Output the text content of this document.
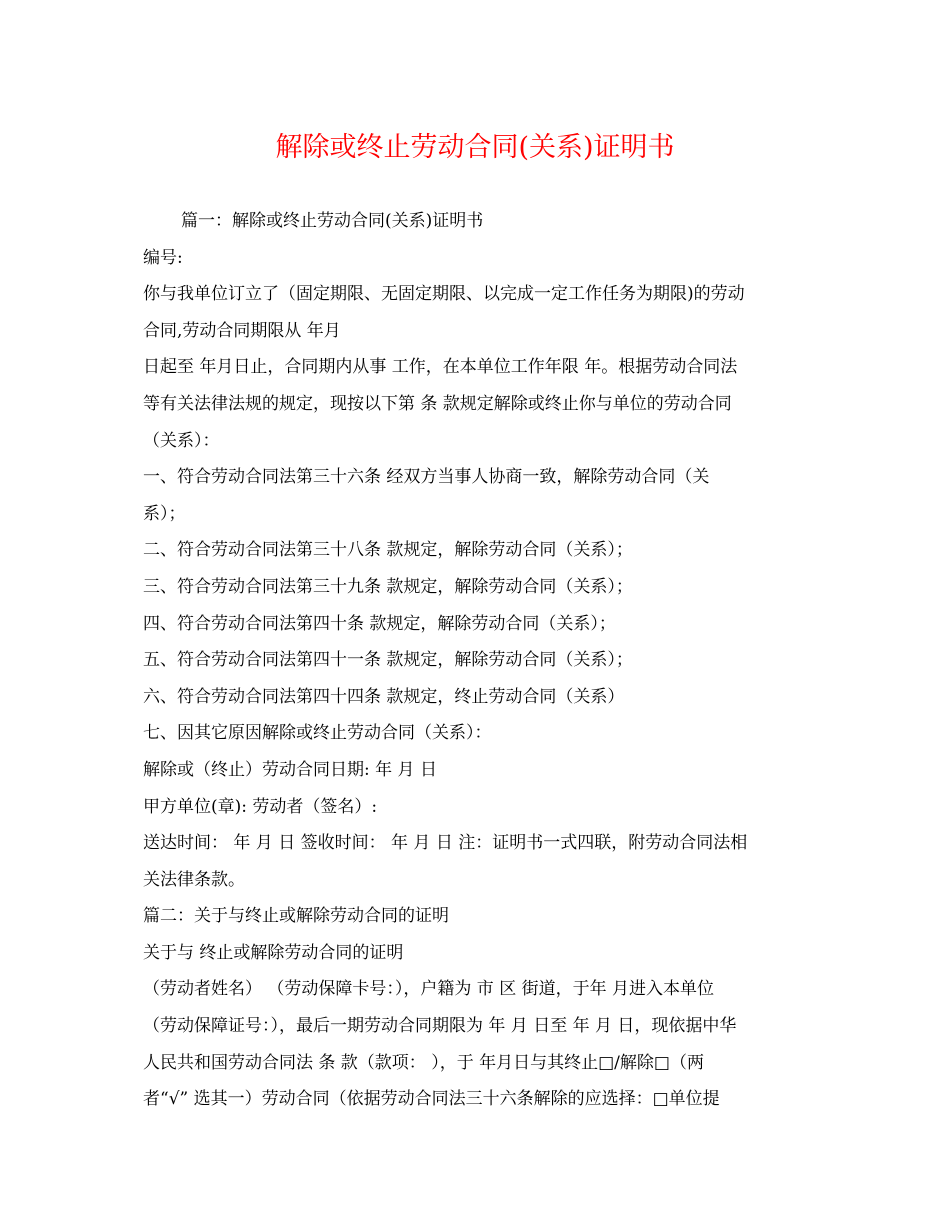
解除或终止劳动合同(关系)证明书
篇一：解除或终止劳动合同(关系)证明书
编号:
你与我单位订立了（固定期限、无固定期限、以完成一定工作任务为期限)的劳动
合同,劳动合同期限从 年月
日起至 年月日止，合同期内从事 工作，在本单位工作年限 年。根据劳动合同法
等有关法律法规的规定，现按以下第 条 款规定解除或终止你与单位的劳动合同
（关系）：
一、符合劳动合同法第三十六条 经双方当事人协商一致，解除劳动合同（关
系）；
二、符合劳动合同法第三十八条 款规定，解除劳动合同（关系）；
三、符合劳动合同法第三十九条 款规定，解除劳动合同（关系）；
四、符合劳动合同法第四十条 款规定，解除劳动合同（关系）；
五、符合劳动合同法第四十一条 款规定，解除劳动合同（关系）；
六、符合劳动合同法第四十四条 款规定，终止劳动合同（关系）
七、因其它原因解除或终止劳动合同（关系）：
解除或（终止）劳动合同日期: 年 月 日
甲方单位(章): 劳动者（签名）:
送达时间： 年 月 日 签收时间： 年 月 日 注：证明书一式四联，附劳动合同法相
关法律条款。
篇二：关于与终止或解除劳动合同的证明
关于与 终止或解除劳动合同的证明
（劳动者姓名） （劳动保障卡号：），户籍为 市 区 街道，于年 月进入本单位
（劳动保障证号：），最后一期劳动合同期限为 年 月 日至 年 月 日，现依据中华
人民共和国劳动合同法 条 款（款项： ），于 年月日与其终止□/解除□（两
者“√” 选其一）劳动合同（依据劳动合同法三十六条解除的应选择：□单位提
